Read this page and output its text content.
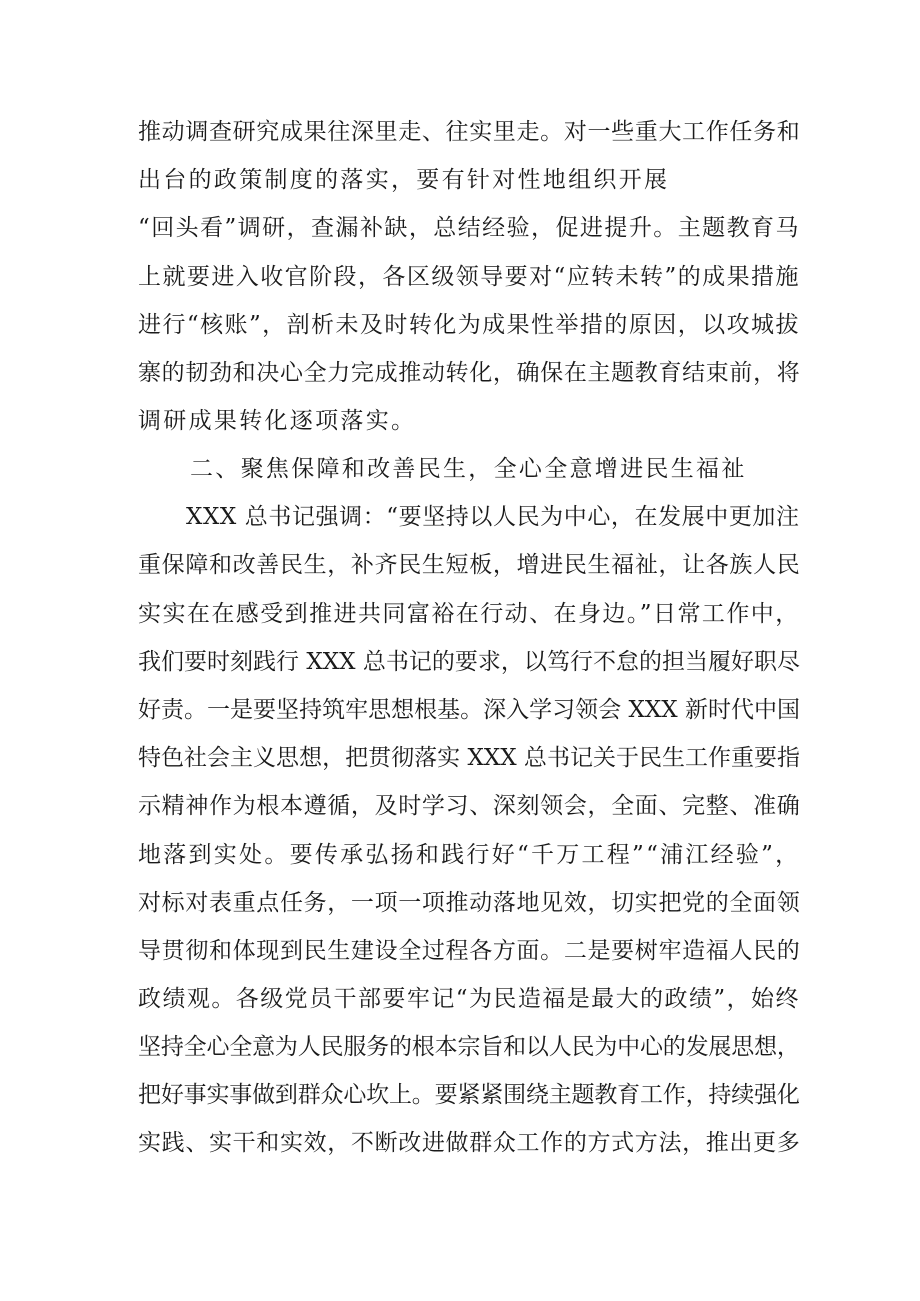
推动调查研究成果往深里走、往实里走。对一些重大工作任务和
出台的政策制度的落实，要有针对性地组织开展
“回头看”调研，查漏补缺，总结经验，促进提升。主题教育马
上就要进入收官阶段，各区级领导要对“应转未转”的成果措施
进行“核账”，剖析未及时转化为成果性举措的原因，以攻城拔
寨的韧劲和决心全力完成推动转化，确保在主题教育结束前，将
调研成果转化逐项落实。
二、聚焦保障和改善民生，全心全意增进民生福祉
XXX 总书记强调：“要坚持以人民为中心，在发展中更加注
重保障和改善民生，补齐民生短板，增进民生福祉，让各族人民
实实在在感受到推进共同富裕在行动、在身边。”日常工作中，
我们要时刻践行 XXX 总书记的要求，以笃行不怠的担当履好职尽
好责。一是要坚持筑牢思想根基。深入学习领会 XXX 新时代中国
特色社会主义思想，把贯彻落实 XXX 总书记关于民生工作重要指
示精神作为根本遵循，及时学习、深刻领会，全面、完整、准确
地落到实处。要传承弘扬和践行好“千万工程”“浦江经验”，
对标对表重点任务，一项一项推动落地见效，切实把党的全面领
导贯彻和体现到民生建设全过程各方面。二是要树牢造福人民的
政绩观。各级党员干部要牢记“为民造福是最大的政绩”，始终
坚持全心全意为人民服务的根本宗旨和以人民为中心的发展思想，
把好事实事做到群众心坎上。要紧紧围绕主题教育工作，持续强化
实践、实干和实效，不断改进做群众工作的方式方法，推出更多
